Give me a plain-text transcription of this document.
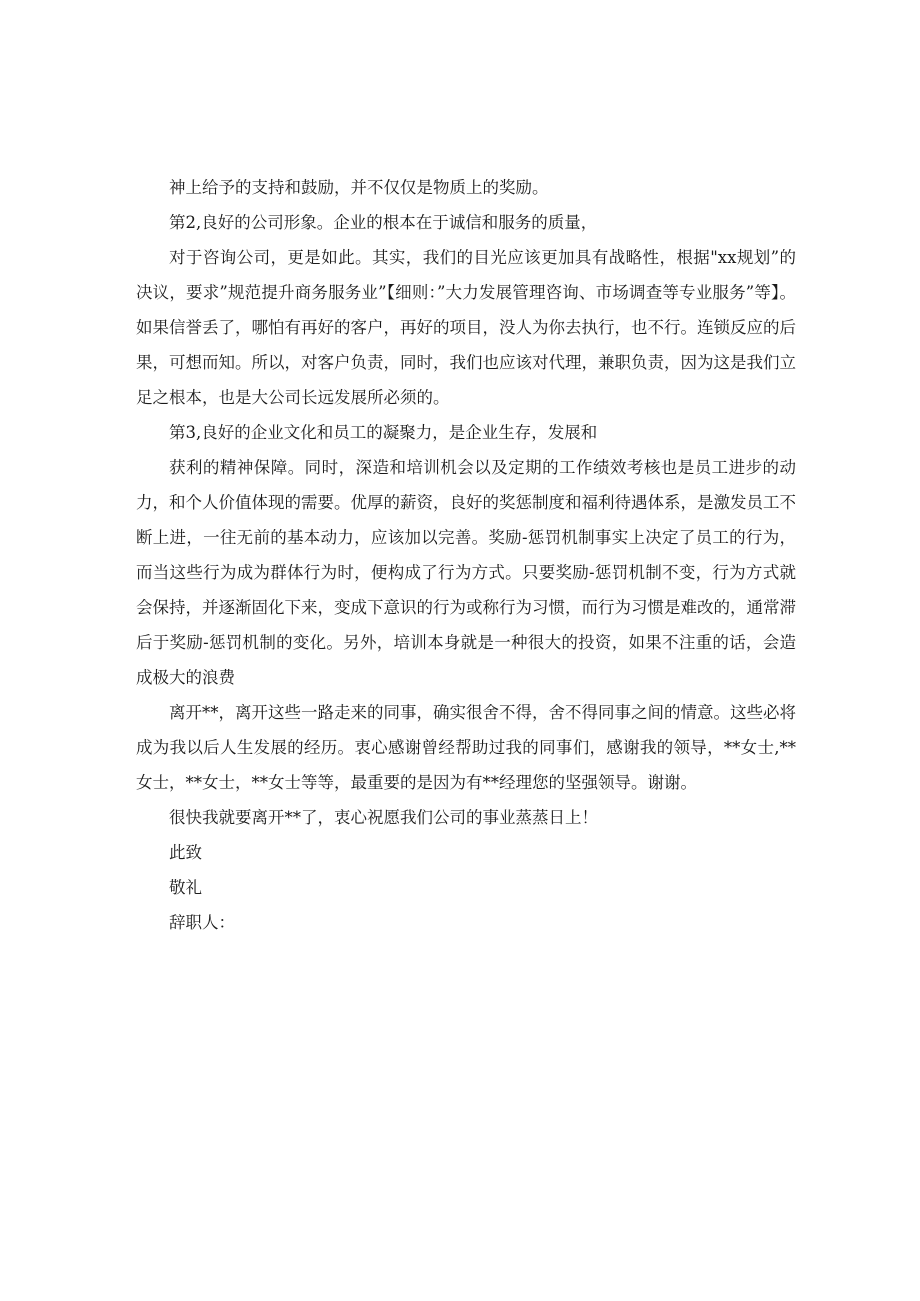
神上给予的支持和鼓励，并不仅仅是物质上的奖励。

第2,良好的公司形象。企业的根本在于诚信和服务的质量，

对于咨询公司，更是如此。其实，我们的目光应该更加具有战略性，根据"xx规划”的决议，要求”规范提升商务服务业”【细则：”大力发展管理咨询、市场调查等专业服务”等】。如果信誉丢了，哪怕有再好的客户，再好的项目，没人为你去执行，也不行。连锁反应的后果，可想而知。所以，对客户负责，同时，我们也应该对代理，兼职负责，因为这是我们立足之根本，也是大公司长远发展所必须的。

第3,良好的企业文化和员工的凝聚力，是企业生存，发展和

获利的精神保障。同时，深造和培训机会以及定期的工作绩效考核也是员工进步的动力，和个人价值体现的需要。优厚的薪资，良好的奖惩制度和福利待遇体系，是激发员工不断上进，一往无前的基本动力，应该加以完善。奖励-惩罚机制事实上决定了员工的行为，而当这些行为成为群体行为时，便构成了行为方式。只要奖励-惩罚机制不变，行为方式就会保持，并逐渐固化下来，变成下意识的行为或称行为习惯，而行为习惯是难改的，通常滞后于奖励-惩罚机制的变化。另外，培训本身就是一种很大的投资，如果不注重的话，会造成极大的浪费

离开**，离开这些一路走来的同事，确实很舍不得，舍不得同事之间的情意。这些必将成为我以后人生发展的经历。衷心感谢曾经帮助过我的同事们，感谢我的领导，**女士,**女士，**女士，**女士等等，最重要的是因为有**经理您的坚强领导。谢谢。

很快我就要离开**了，衷心祝愿我们公司的事业蒸蒸日上！

此致

敬礼

辞职人：
